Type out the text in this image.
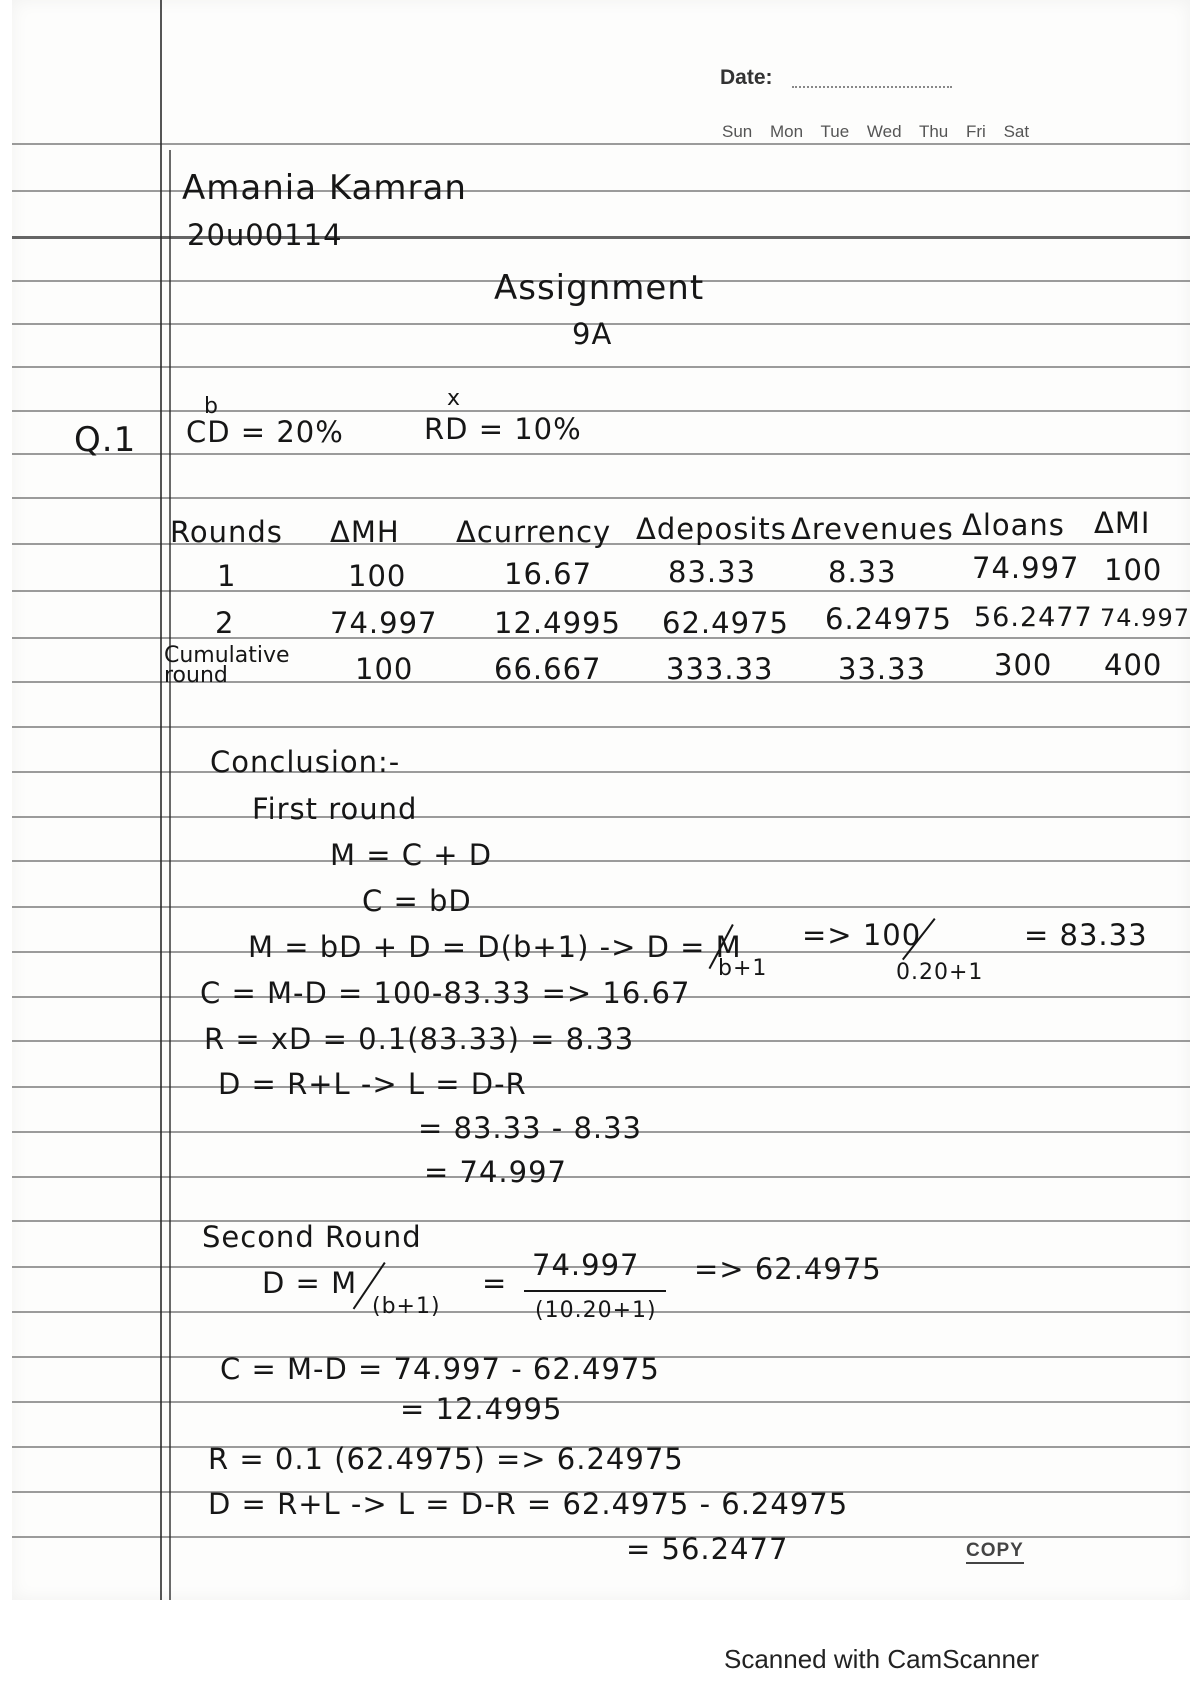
Date:
Sun Mon Tue Wed Thu Fri Sat
Amania Kamran
20u00114
Assignment
9A
Q.1
b
CD = 20%
x
RD = 10%
Rounds ΔMH Δcurrency Δdeposits Δrevenues Δloans ΔMI
1	100	16.67	83.33 8.33	74.997 100
2	74.997 12.4995 62.4975 6.24975 56.2477 74.997
Cumulative round	100	66.667 333.33 33.33 300 400
Conclusion:-
First round
M = C + D
C = bD
M = bD + D = D(b+1) -> D = M
b+1
=> 100
0.20+1
= 83.33
C = M-D = 100-83.33 => 16.67
R = xD = 0.1(83.33) = 8.33
D = R+L -> L = D-R
= 83.33 - 8.33
= 74.997
Second Round
D = M
(b+1)
=
74.997
(10.20+1)
=> 62.4975
C = M-D = 74.997 - 62.4975
= 12.4995
R = 0.1 (62.4975) => 6.24975
D = R+L -> L = D-R = 62.4975 - 6.24975
= 56.2477	COPY
Scanned with CamScanner
